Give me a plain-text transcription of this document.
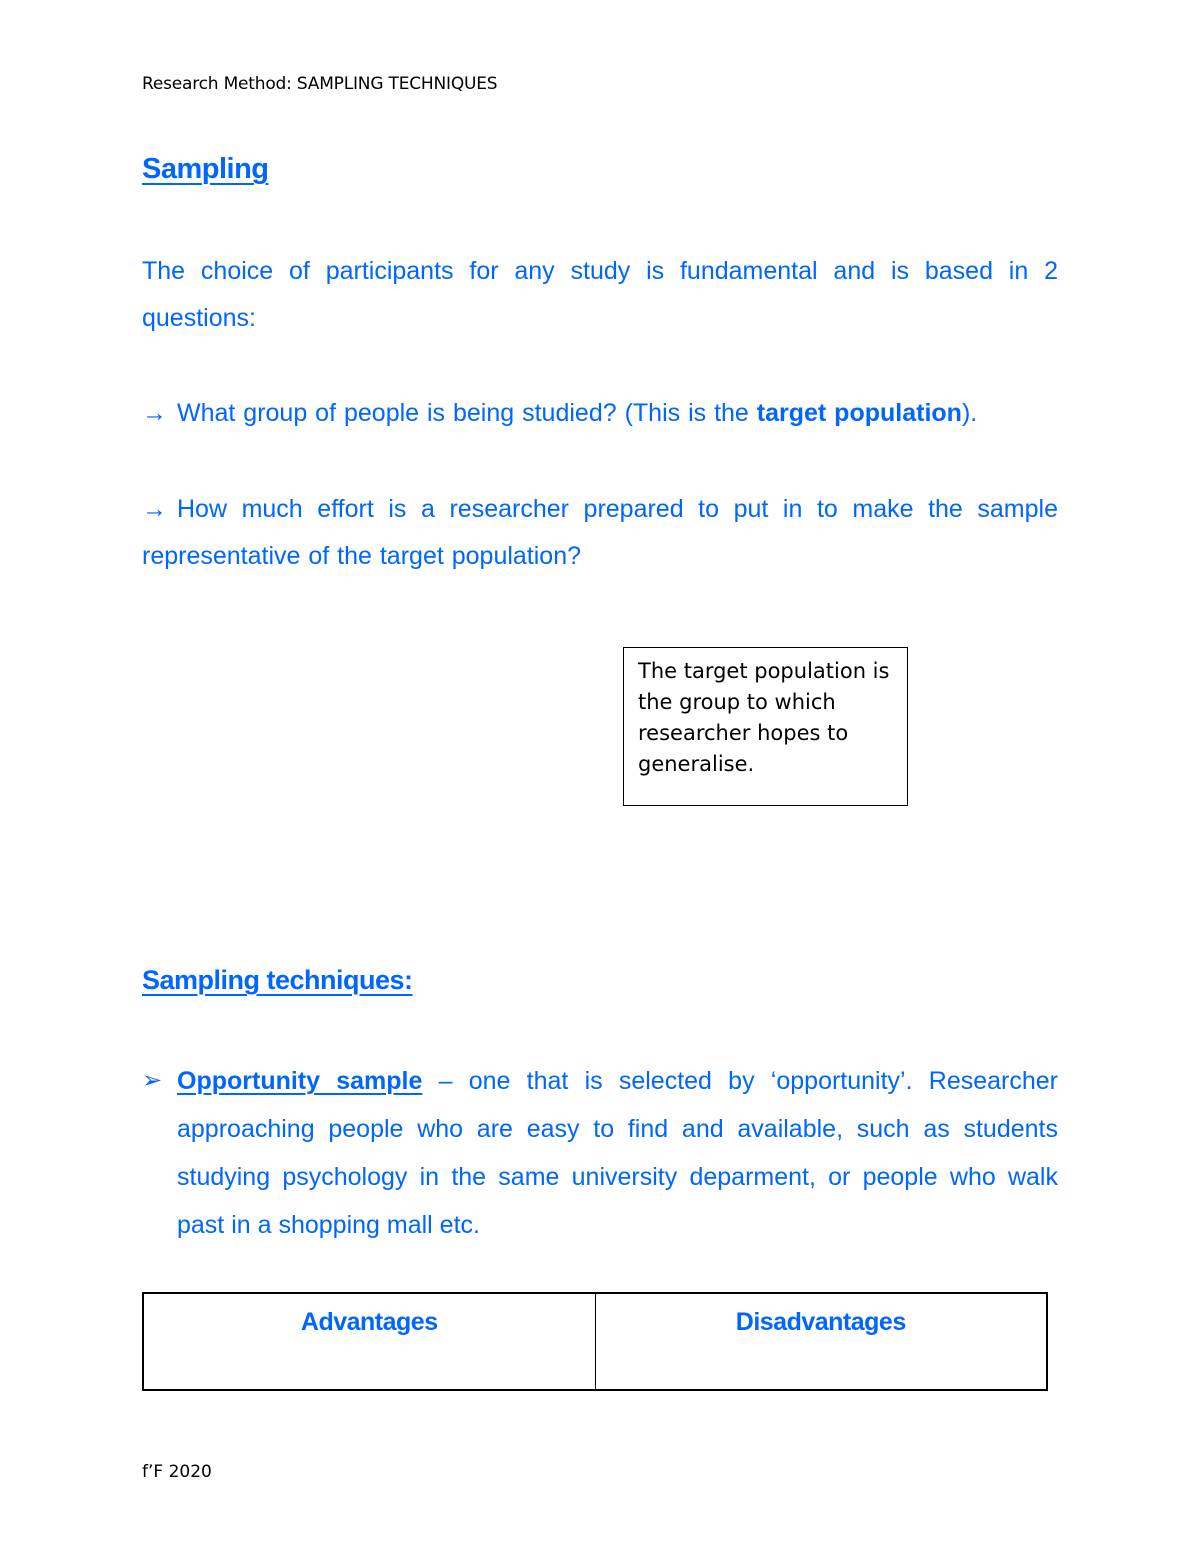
Research Method: SAMPLING TECHNIQUES
Sampling
The choice of participants for any study is fundamental and is based in 2 questions:
→ What group of people is being studied? (This is the target population).
→ How much effort is a researcher prepared to put in to make the sample representative of the target population?
The target population is the group to which researcher hopes to generalise.
Sampling techniques:
➢ Opportunity sample – one that is selected by ‘opportunity’. Researcher approaching people who are easy to find and available, such as students studying psychology in the same university deparment, or people who walk past in a shopping mall etc.
Advantages	Disadvantages
f’F 2020
